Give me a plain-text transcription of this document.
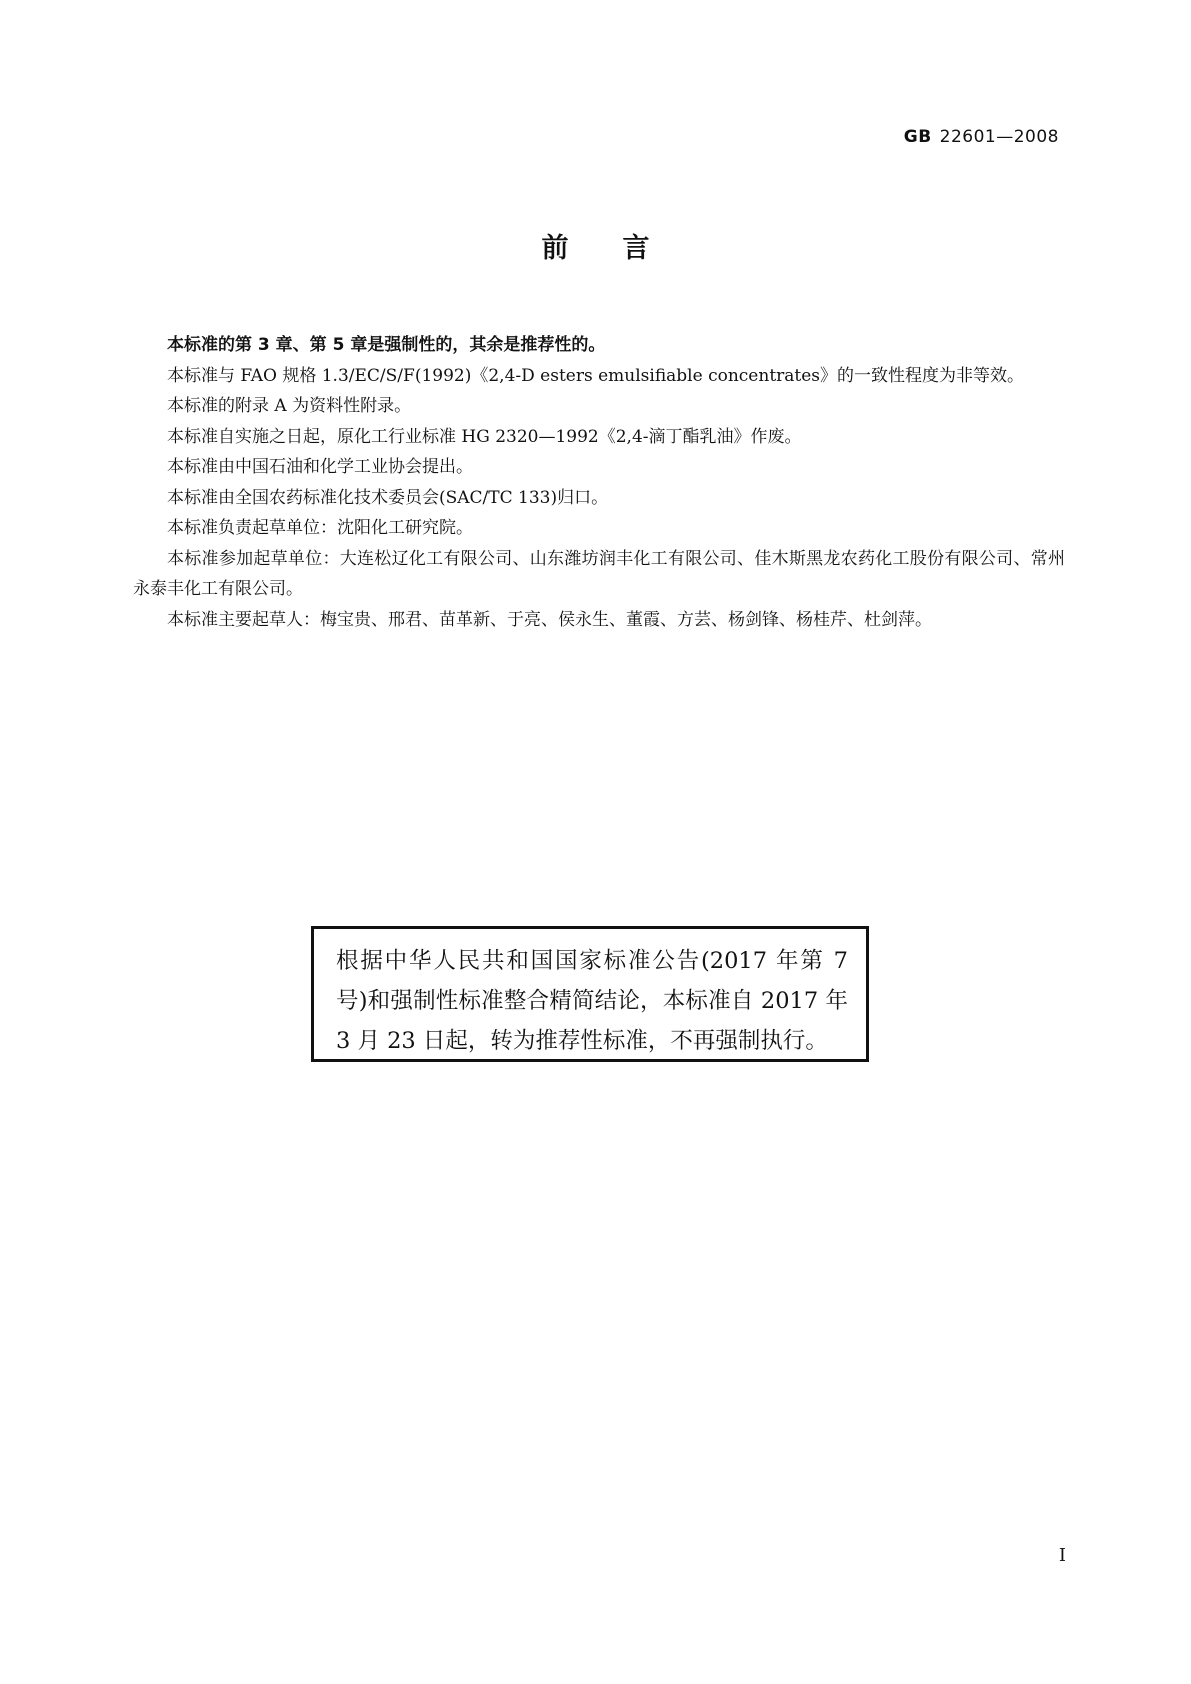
GB 22601—2008
前言

本标准的第 3 章、第 5 章是强制性的，其余是推荐性的。

本标准与 FAO 规格 1.3/EC/S/F(1992)《2,4-D esters emulsifiable concentrates》的一致性程度为非等效。

本标准的附录 A 为资料性附录。

本标准自实施之日起，原化工行业标准 HG 2320—1992《2,4-滴丁酯乳油》作废。

本标准由中国石油和化学工业协会提出。

本标准由全国农药标准化技术委员会(SAC/TC 133)归口。

本标准负责起草单位：沈阳化工研究院。

本标准参加起草单位：大连松辽化工有限公司、山东潍坊润丰化工有限公司、佳木斯黑龙农药化工股份有限公司、常州永泰丰化工有限公司。

本标准主要起草人：梅宝贵、邢君、苗革新、于亮、侯永生、董霞、方芸、杨剑锋、杨桂芹、杜剑萍。

根据中华人民共和国国家标准公告(2017 年第 7 号)和强制性标准整合精简结论，本标准自 2017 年 3 月 23 日起，转为推荐性标准，不再强制执行。
I
